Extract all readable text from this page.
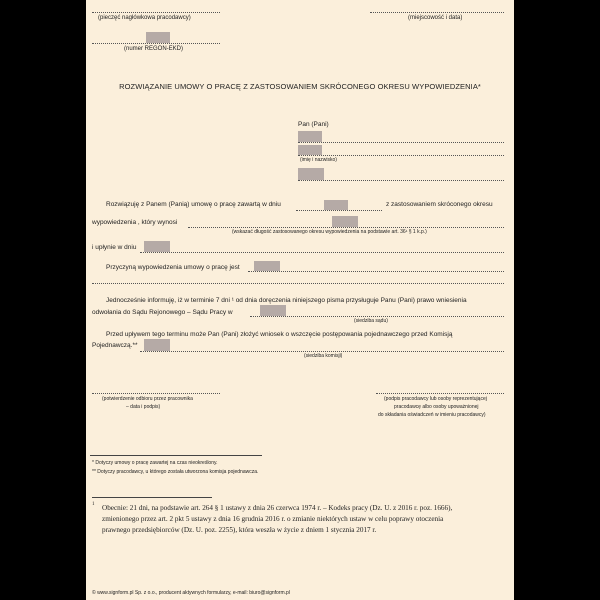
(pieczęć nagłówkowa pracodawcy)	(miejscowość i data)
(numer REGON-EKD)
ROZWIĄZANIE UMOWY O PRACĘ Z ZASTOSOWANIEM SKRÓCONEGO OKRESU WYPOWIEDZENIA*
Pan (Pani)
(imię i nazwisko)
Rozwiązuję z Panem (Panią) umowę o pracę zawartą w dniu	z zastosowaniem skróconego okresu
wypowiedzenia , który wynosi
(wskazać długość zastosowanego okresu wypowiedzenia na podstawie art. 36¹ § 1 k.p.)
i upłynie w dniu
Przyczyną wypowiedzenia umowy o pracę jest
Jednocześnie informuję, iż w terminie 7 dni ¹ od dnia doręczenia niniejszego pisma przysługuje Panu (Pani) prawo wniesienia
odwołania do Sądu Rejonowego – Sądu Pracy w
(siedziba sądu)
Przed upływem tego terminu może Pan (Pani) złożyć wniosek o wszczęcie postępowania pojednawczego przed Komisją
Pojednawczą.**
(siedziba komisji)
(potwierdzenie odbioru przez pracownika
– data i podpis)
(podpis pracodawcy lub osoby reprezentującej
pracodawcę albo osoby upoważnionej
do składania oświadczeń w imieniu pracodawcy)
* Dotyczy umowy o pracę zawartej na czas nieokreślony.
** Dotyczy pracodawcy, u którego została utworzona komisja pojednawcza.
1 Obecnie: 21 dni, na podstawie art. 264 § 1 ustawy z dnia 26 czerwca 1974 r. – Kodeks pracy (Dz. U. z 2016 r. poz. 1666),
zmienionego przez art. 2 pkt 5 ustawy z dnia 16 grudnia 2016 r. o zmianie niektórych ustaw w celu poprawy otoczenia
prawnego przedsiębiorców (Dz. U. poz. 2255), która weszła w życie z dniem 1 stycznia 2017 r.
© www.signform.pl Sp. z o.o., producent aktywnych formularzy, e-mail: biuro@signform.pl
